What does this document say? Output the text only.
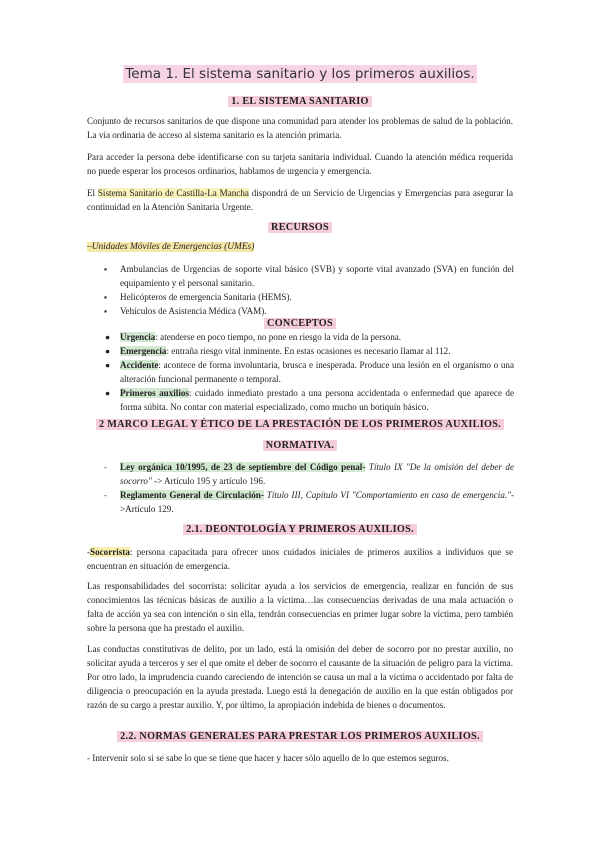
Tema 1. El sistema sanitario y los primeros auxilios.
1. EL SISTEMA SANITARIO
Conjunto de recursos sanitarios de que dispone una comunidad para atender los problemas de salud de la población. La vía ordinaria de acceso al sistema sanitario es la atención primaria.
Para acceder la persona debe identificarse con su tarjeta sanitaria individual. Cuando la atención médica requerida no puede esperar los procesos ordinarios, hablamos de urgencia y emergencia.
El Sistema Sanitario de Castilla-La Mancha dispondrá de un Servicio de Urgencias y Emergencias para asegurar la continuidad en la Atención Sanitaria Urgente.
RECURSOS
–Unidades Móviles de Emergencias (UMEs)
▪ Ambulancias de Urgencias de soporte vital básico (SVB) y soporte vital avanzado (SVA) en función del equipamiento y el personal sanitario.
▪ Helicópteros de emergencia Sanitaria (HEMS).
▪ Vehículos de Asistencia Médica (VAM).
CONCEPTOS
● Urgencia: atenderse en poco tiempo, no pone en riesgo la vida de la persona.
● Emergencia: entraña riesgo vital inminente. En estas ocasiones es necesario llamar al 112.
● Accidente: acontece de forma involuntaria, brusca e inesperada. Produce una lesión en el organismo o una alteración funcional permanente o temporal.
● Primeros auxilios: cuidado inmediato prestado a una persona accidentada o enfermedad que aparece de forma súbita. No contar con material especializado, como mucho un botiquín básico.
2 MARCO LEGAL Y ÉTICO DE LA PRESTACIÓN DE LOS PRIMEROS AUXILIOS.
NORMATIVA.
- Ley orgánica 10/1995, de 23 de septiembre del Código penal- Título IX "De la omisión del deber de socorro" -> Artículo 195 y artículo 196.
- Reglamento General de Circulación- Título III, Capítulo VI "Comportamiento en caso de emergencia."->Artículo 129.
2.1. DEONTOLOGÍA Y PRIMEROS AUXILIOS.
-Socorrista: persona capacitada para ofrecer unos cuidados iniciales de primeros auxilios a individuos que se encuentran en situación de emergencia.
Las responsabilidades del socorrista: solicitar ayuda a los servicios de emergencia, realizar en función de sus conocimientos las técnicas básicas de auxilio a la víctima…las consecuencias derivadas de una mala actuación o falta de acción ya sea con intención o sin ella, tendrán consecuencias en primer lugar sobre la víctima, pero también sobre la persona que ha prestado el auxilio.
Las conductas constitutivas de delito, por un lado, está la omisión del deber de socorro por no prestar auxilio, no solicitar ayuda a terceros y ser el que omite el deber de socorro el causante de la situación de peligro para la víctima. Por otro lado, la imprudencia cuando careciendo de intención se causa un mal a la víctima o accidentado por falta de diligencia o preocupación en la ayuda prestada. Luego está la denegación de auxilio en la que están obligados por razón de su cargo a prestar auxilio. Y, por último, la apropiación indebida de bienes o documentos.
2.2. NORMAS GENERALES PARA PRESTAR LOS PRIMEROS AUXILIOS.
- Intervenir solo si se sabe lo que se tiene que hacer y hacer sólo aquello de lo que estemos seguros.
